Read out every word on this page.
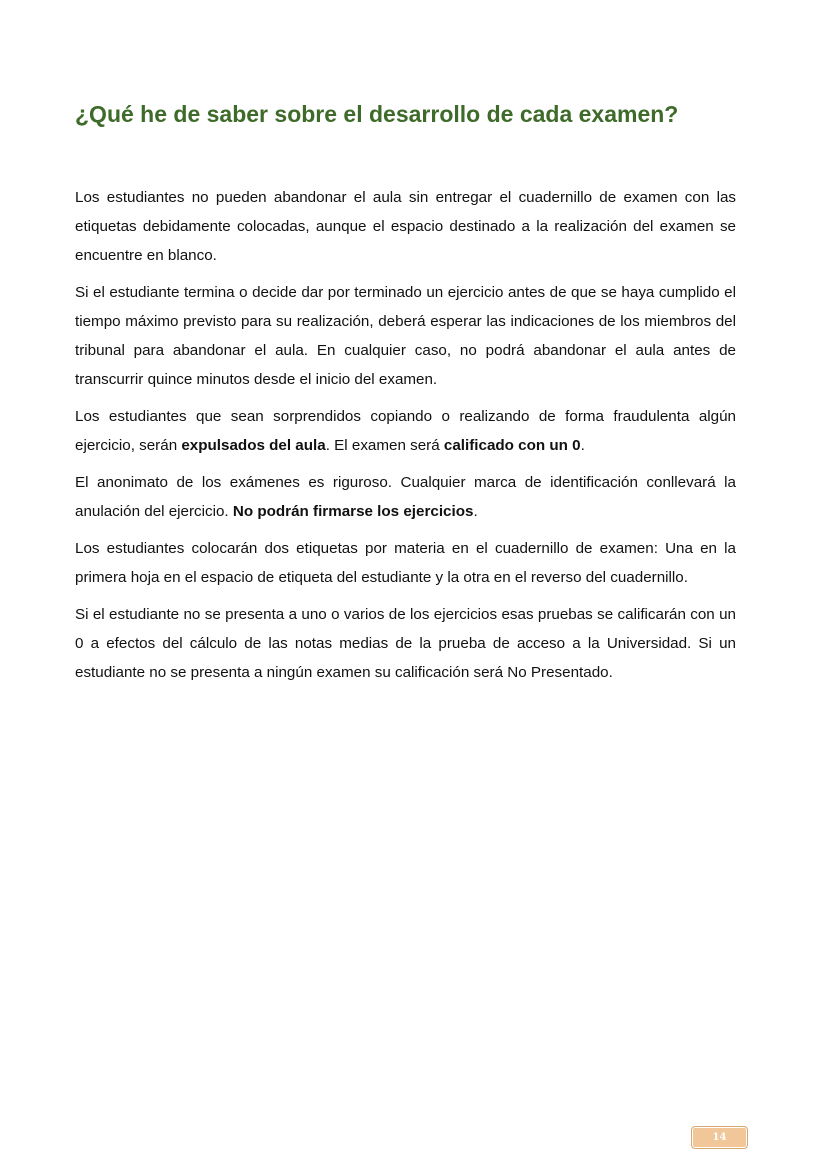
¿Qué he de saber sobre el desarrollo de cada examen?

Los estudiantes no pueden abandonar el aula sin entregar el cuadernillo de examen con las etiquetas debidamente colocadas, aunque el espacio destinado a la realización del examen se encuentre en blanco.

Si el estudiante termina o decide dar por terminado un ejercicio antes de que se haya cumplido el tiempo máximo previsto para su realización, deberá esperar las indicaciones de los miembros del tribunal para abandonar el aula. En cualquier caso, no podrá abandonar el aula antes de transcurrir quince minutos desde el inicio del examen.

Los estudiantes que sean sorprendidos copiando o realizando de forma fraudulenta algún ejercicio, serán expulsados del aula. El examen será calificado con un 0.

El anonimato de los exámenes es riguroso. Cualquier marca de identificación conllevará la anulación del ejercicio. No podrán firmarse los ejercicios.

Los estudiantes colocarán dos etiquetas por materia en el cuadernillo de examen: Una en la primera hoja en el espacio de etiqueta del estudiante y la otra en el reverso del cuadernillo.

Si el estudiante no se presenta a uno o varios de los ejercicios esas pruebas se calificarán con un 0 a efectos del cálculo de las notas medias de la prueba de acceso a la Universidad. Si un estudiante no se presenta a ningún examen su calificación será No Presentado.

14
